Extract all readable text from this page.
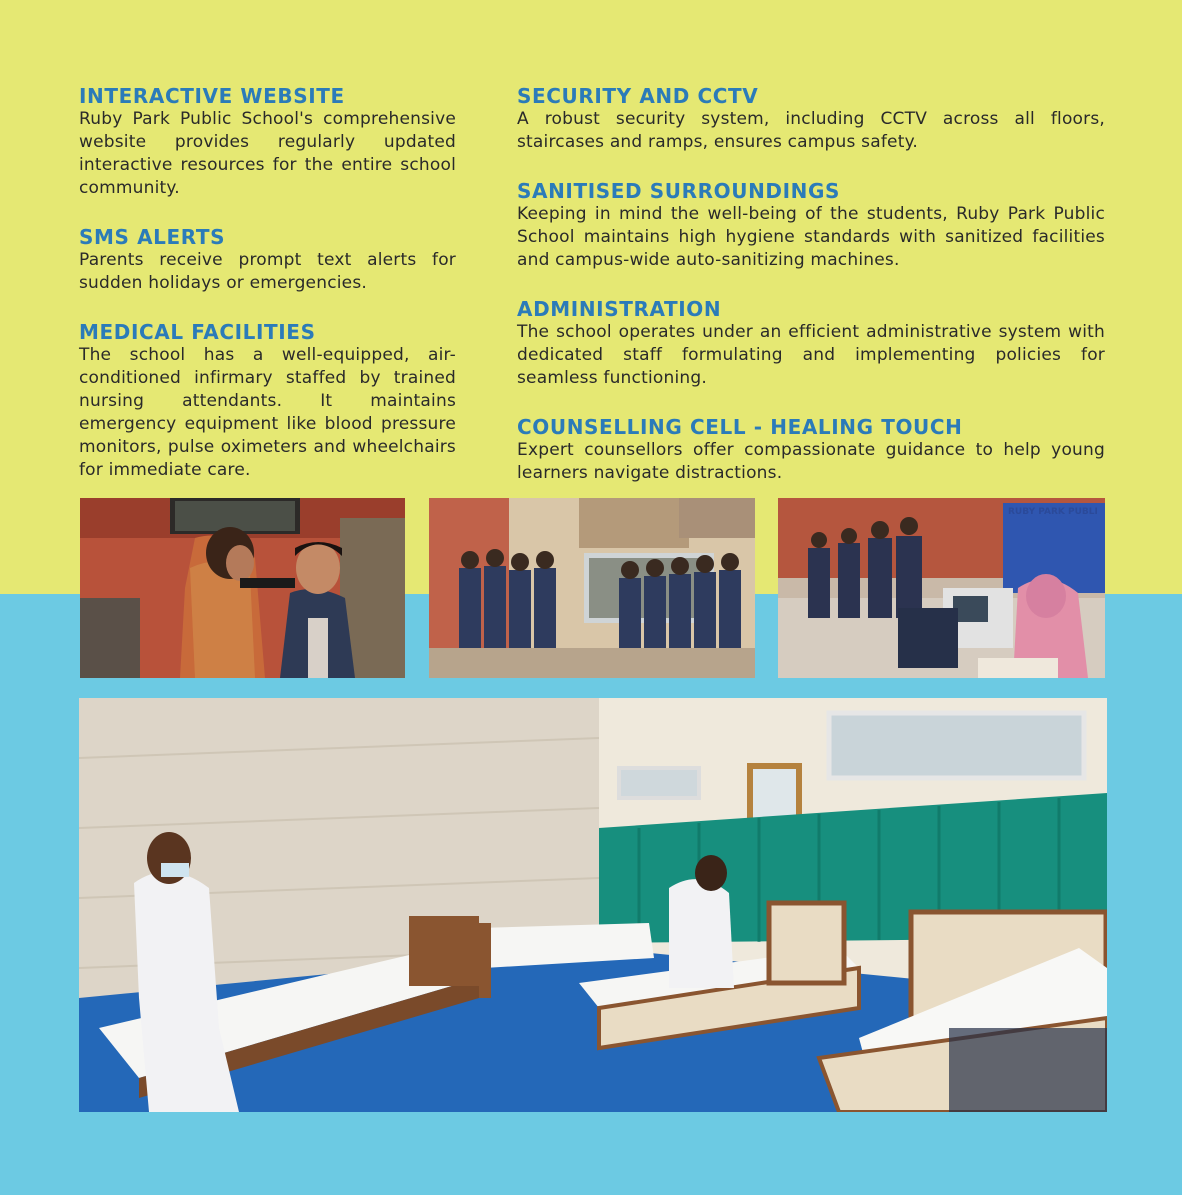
INTERACTIVE WEBSITE

Ruby Park Public School's comprehensive website provides regularly updated interactive resources for the entire school community.

SMS ALERTS

Parents receive prompt text alerts for sudden holidays or emergencies.

MEDICAL FACILITIES

The school has a well-equipped, air-conditioned infirmary staffed by trained nursing attendants. It maintains emergency equipment like blood pressure monitors, pulse oximeters and wheelchairs for immediate care.

SECURITY AND CCTV

A robust security system, including CCTV across all floors, staircases and ramps, ensures campus safety.

SANITISED SURROUNDINGS

Keeping in mind the well-being of the students, Ruby Park Public School maintains high hygiene standards with sanitized facilities and campus-wide auto-sanitizing machines.

ADMINISTRATION

The school operates under an efficient administrative system with dedicated staff formulating and implementing policies for seamless functioning.

COUNSELLING CELL - HEALING TOUCH

Expert counsellors offer compassionate guidance to help young learners navigate distractions.

RUBY PARK PUBLI
